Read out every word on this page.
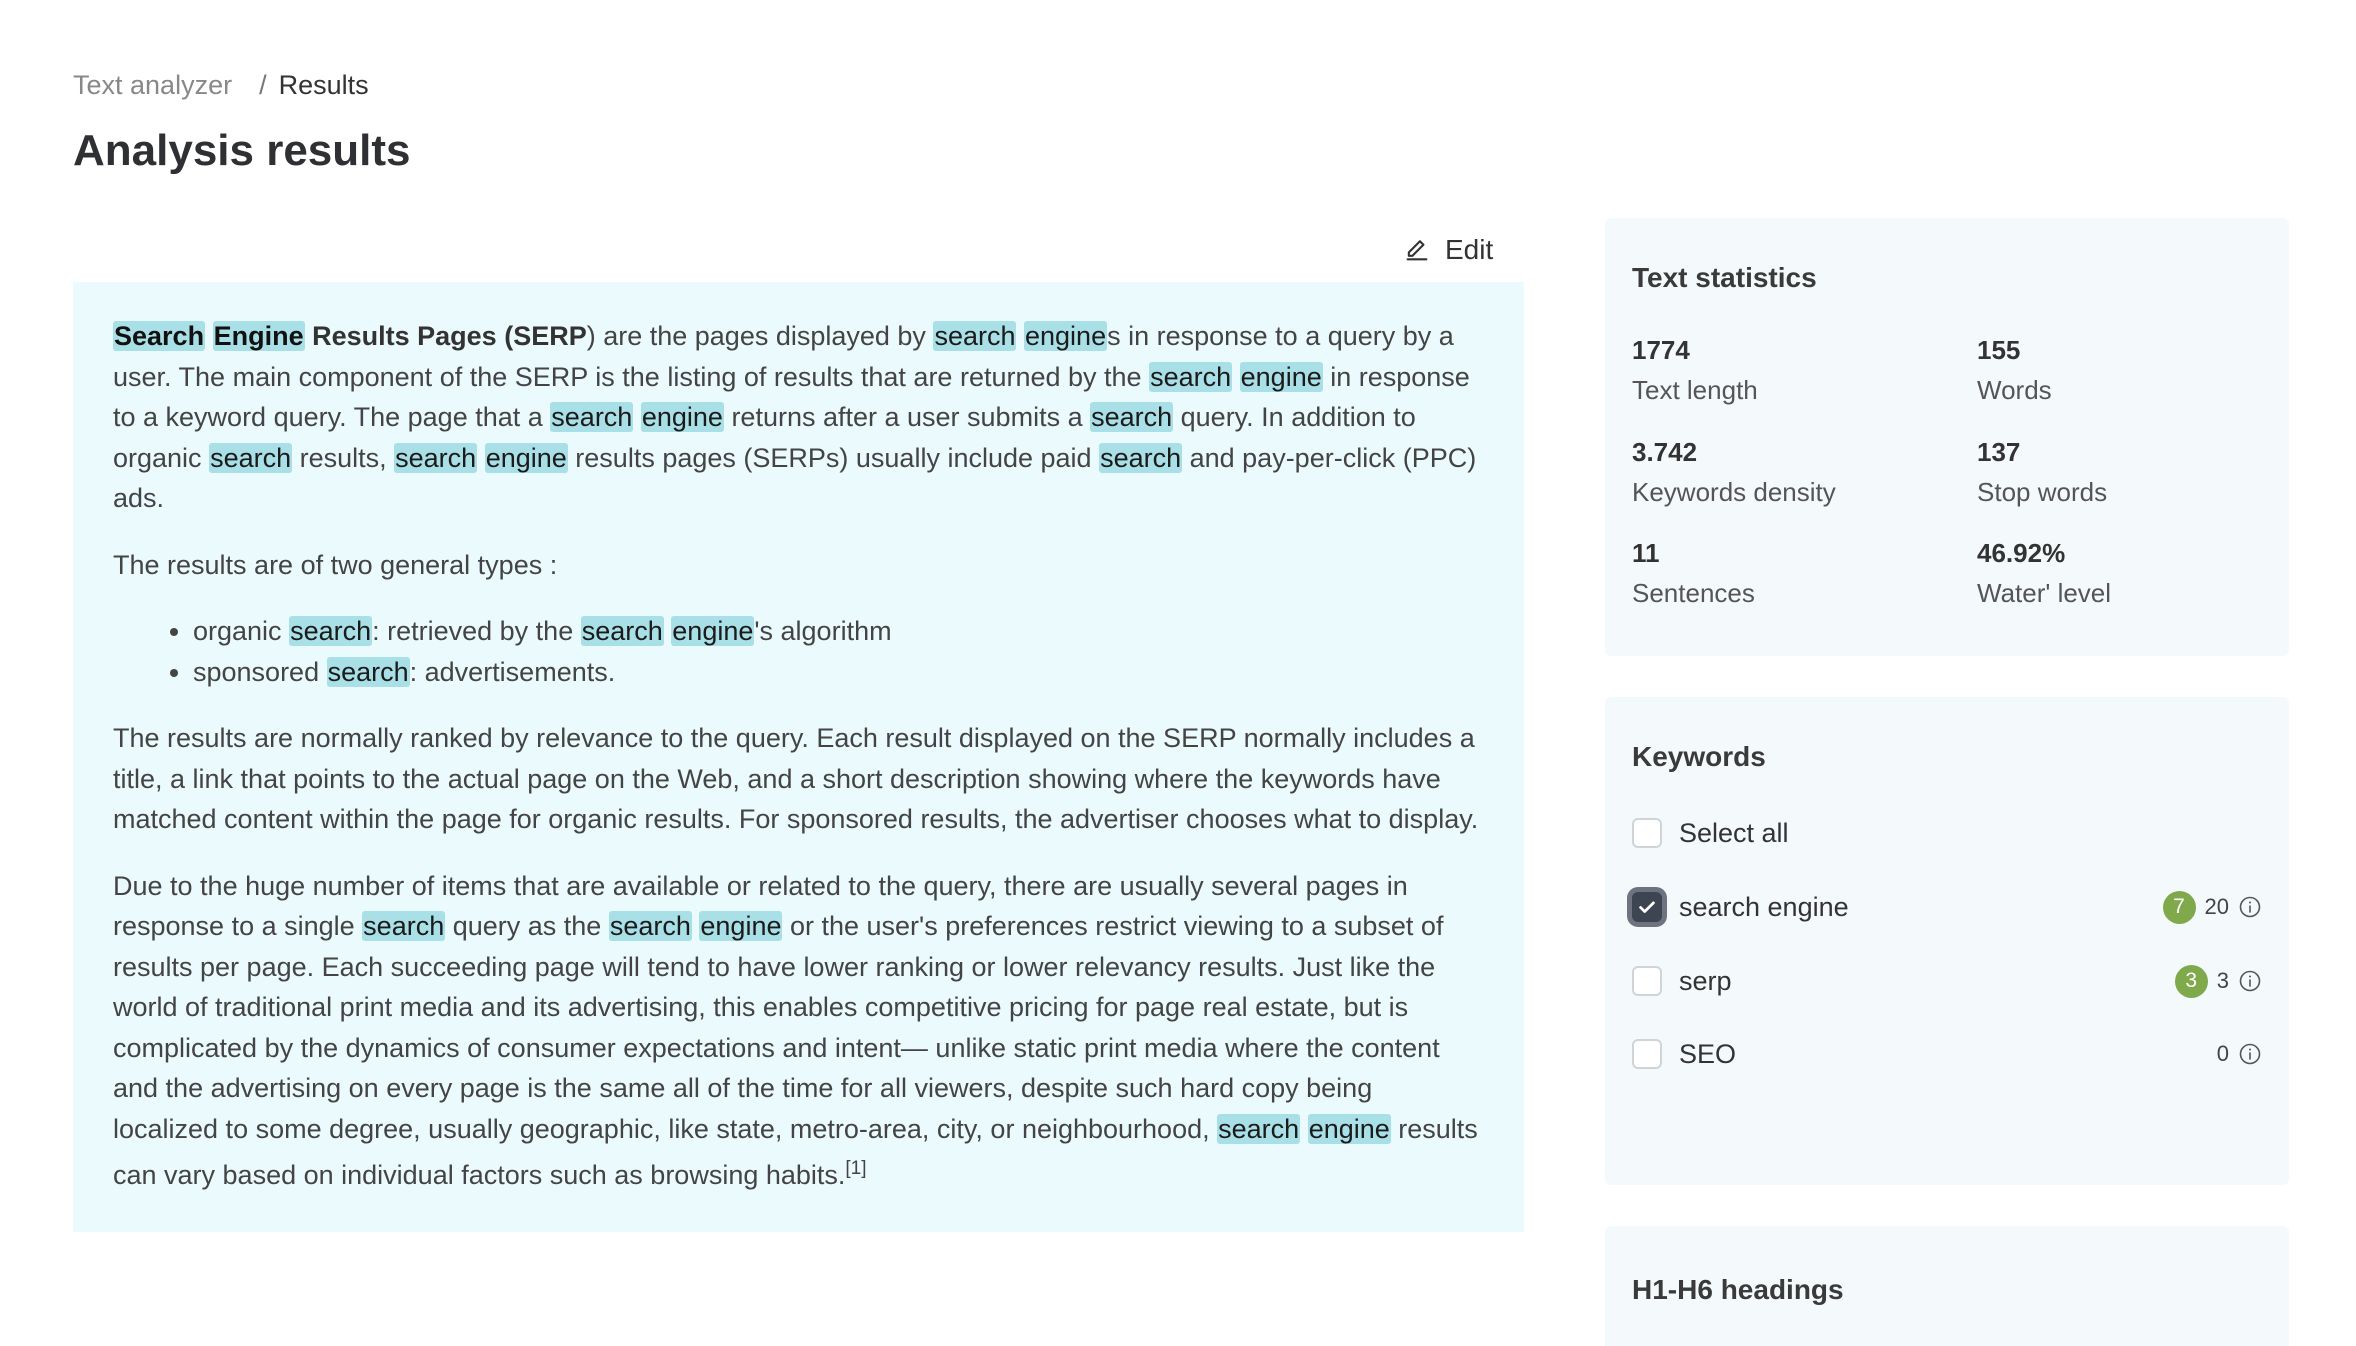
Text analyzer / Results
Analysis results
Edit

Search Engine Results Pages (SERP) are the pages displayed by search engines in response to a query by a user. The main component of the SERP is the listing of results that are returned by the search engine in response to a keyword query. The page that a search engine returns after a user submits a search query. In addition to organic search results, search engine results pages (SERPs) usually include paid search and pay-per-click (PPC) ads.

The results are of two general types :

• organic search: retrieved by the search engine's algorithm
• sponsored search: advertisements.

The results are normally ranked by relevance to the query. Each result displayed on the SERP normally includes a title, a link that points to the actual page on the Web, and a short description showing where the keywords have matched content within the page for organic results. For sponsored results, the advertiser chooses what to display.

Due to the huge number of items that are available or related to the query, there are usually several pages in response to a single search query as the search engine or the user's preferences restrict viewing to a subset of results per page. Each succeeding page will tend to have lower ranking or lower relevancy results. Just like the world of traditional print media and its advertising, this enables competitive pricing for page real estate, but is complicated by the dynamics of consumer expectations and intent— unlike static print media where the content and the advertising on every page is the same all of the time for all viewers, despite such hard copy being localized to some degree, usually geographic, like state, metro-area, city, or neighbourhood, search engine results can vary based on individual factors such as browsing habits.[1]

Text statistics
1774
Text length
155
Words
3.742
Keywords density
137
Stop words
11
Sentences
46.92%
Water' level
Keywords
Select all
search engine	7 20
serp	3 3
SEO	0
H1-H6 headings
